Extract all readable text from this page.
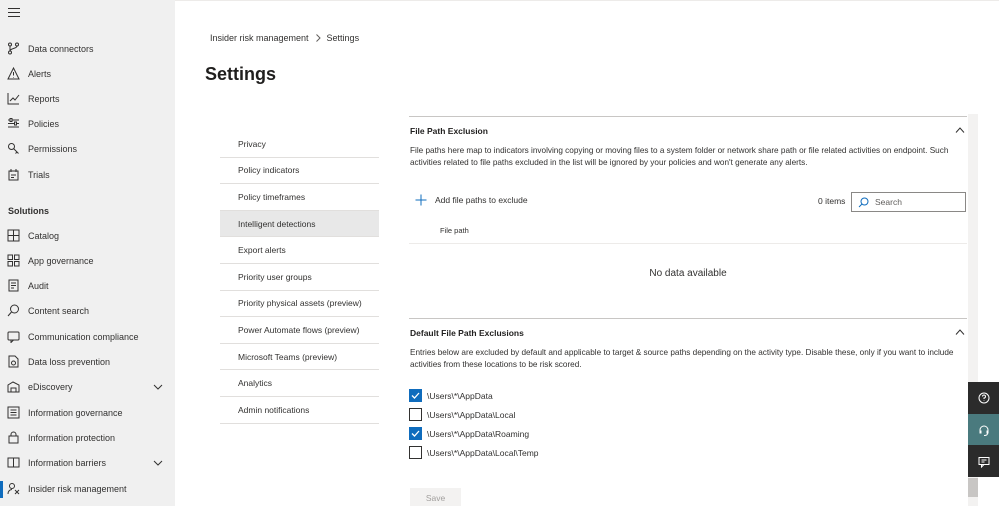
Data connectors
Alerts
Reports
Policies
Permissions
Trials
Solutions
Catalog
App governance
Audit
Content search
Communication compliance
Data loss prevention
eDiscovery
Information governance
Information protection
Information barriers
Insider risk management
Insider risk management Settings
Settings
Privacy
Policy indicators
Policy timeframes
Intelligent detections
Export alerts
Priority user groups
Priority physical assets (preview)
Power Automate flows (preview)
Microsoft Teams (preview)
Analytics
Admin notifications
File Path Exclusion
File paths here map to indicators involving copying or moving files to a system folder or network share path or file related activities on endpoint. Such activities related to file paths excluded in the list will be ignored by your policies and won't generate any alerts.
Add file paths to exclude	0 items	Search
File path
No data available
Default File Path Exclusions
Entries below are excluded by default and applicable to target & source paths depending on the activity type. Disable these, only if you want to include activities from these locations to be risk scored.
\Users\*\AppData
\Users\*\AppData\Local
\Users\*\AppData\Roaming
\Users\*\AppData\Local\Temp
Save
